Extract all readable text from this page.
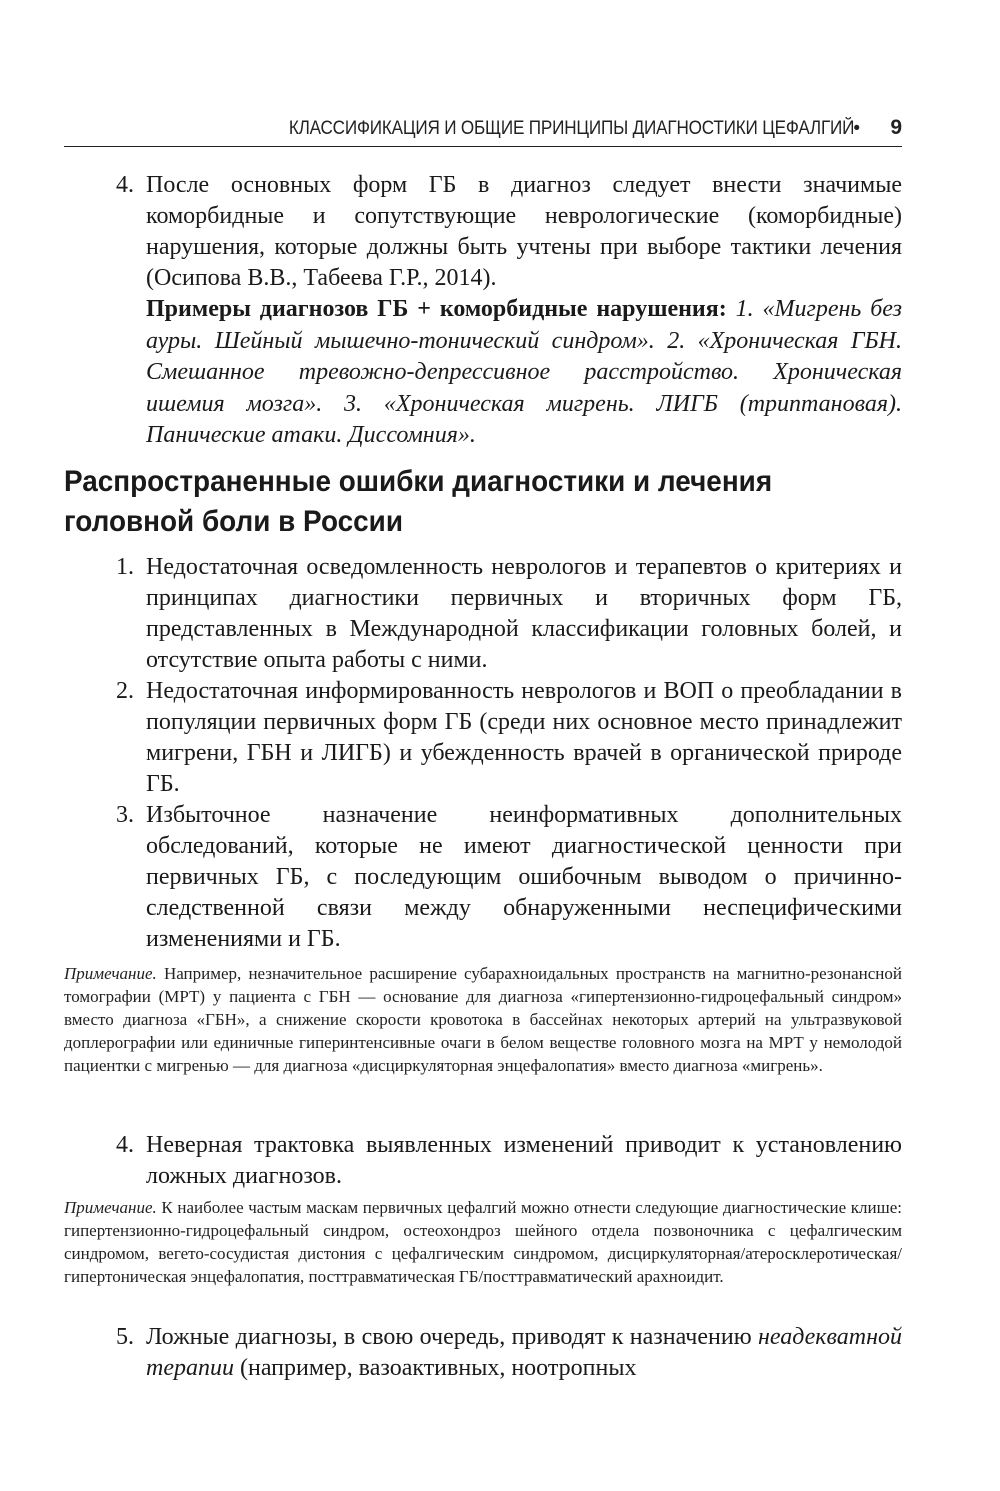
КЛАССИФИКАЦИЯ И ОБЩИЕ ПРИНЦИПЫ ДИАГНОСТИКИ ЦЕФАЛГИЙ • 9
4. После основных форм ГБ в диагноз следует внести значимые коморбидные и сопутствующие неврологические (коморбидные) нарушения, которые должны быть учтены при выборе тактики лечения (Осипова В.В., Табеева Г.Р., 2014).
Примеры диагнозов ГБ + коморбидные нарушения: 1. «Мигрень без ауры. Шейный мышечно-тонический синдром». 2. «Хроническая ГБН. Смешанное тревожно-депрессивное расстройство. Хроническая ишемия мозга». 3. «Хроническая мигрень. ЛИГБ (триптановая). Панические атаки. Диссомния».
Распространенные ошибки диагностики и лечения головной боли в России
1. Недостаточная осведомленность неврологов и терапевтов о критериях и принципах диагностики первичных и вторичных форм ГБ, представленных в Международной классификации головных болей, и отсутствие опыта работы с ними.
2. Недостаточная информированность неврологов и ВОП о преобладании в популяции первичных форм ГБ (среди них основное место принадлежит мигрени, ГБН и ЛИГБ) и убежденность врачей в органической природе ГБ.
3. Избыточное назначение неинформативных дополнительных обследований, которые не имеют диагностической ценности при первичных ГБ, с последующим ошибочным выводом о причинно-следственной связи между обнаруженными неспецифическими изменениями и ГБ.
Примечание. Например, незначительное расширение субарахноидальных пространств на магнитно-резонансной томографии (МРТ) у пациента с ГБН — основание для диагноза «гипертензионно-гидроцефальный синдром» вместо диагноза «ГБН», а снижение скорости кровотока в бассейнах некоторых артерий на ультразвуковой доплерографии или единичные гиперинтенсивные очаги в белом веществе головного мозга на МРТ у немолодой пациентки с мигренью — для диагноза «дисциркуляторная энцефалопатия» вместо диагноза «мигрень».
4. Неверная трактовка выявленных изменений приводит к установлению ложных диагнозов.
Примечание. К наиболее частым маскам первичных цефалгий можно отнести следующие диагностические клише: гипертензионно-гидроцефальный синдром, остеохондроз шейного отдела позвоночника с цефалгическим синдромом, вегето-сосудистая дистония с цефалгическим синдромом, дисциркуляторная/атеросклеротическая/гипертоническая энцефалопатия, посттравматическая ГБ/посттравматический арахноидит.
5. Ложные диагнозы, в свою очередь, приводят к назначению неадекватной терапии (например, вазоактивных, ноотропных
